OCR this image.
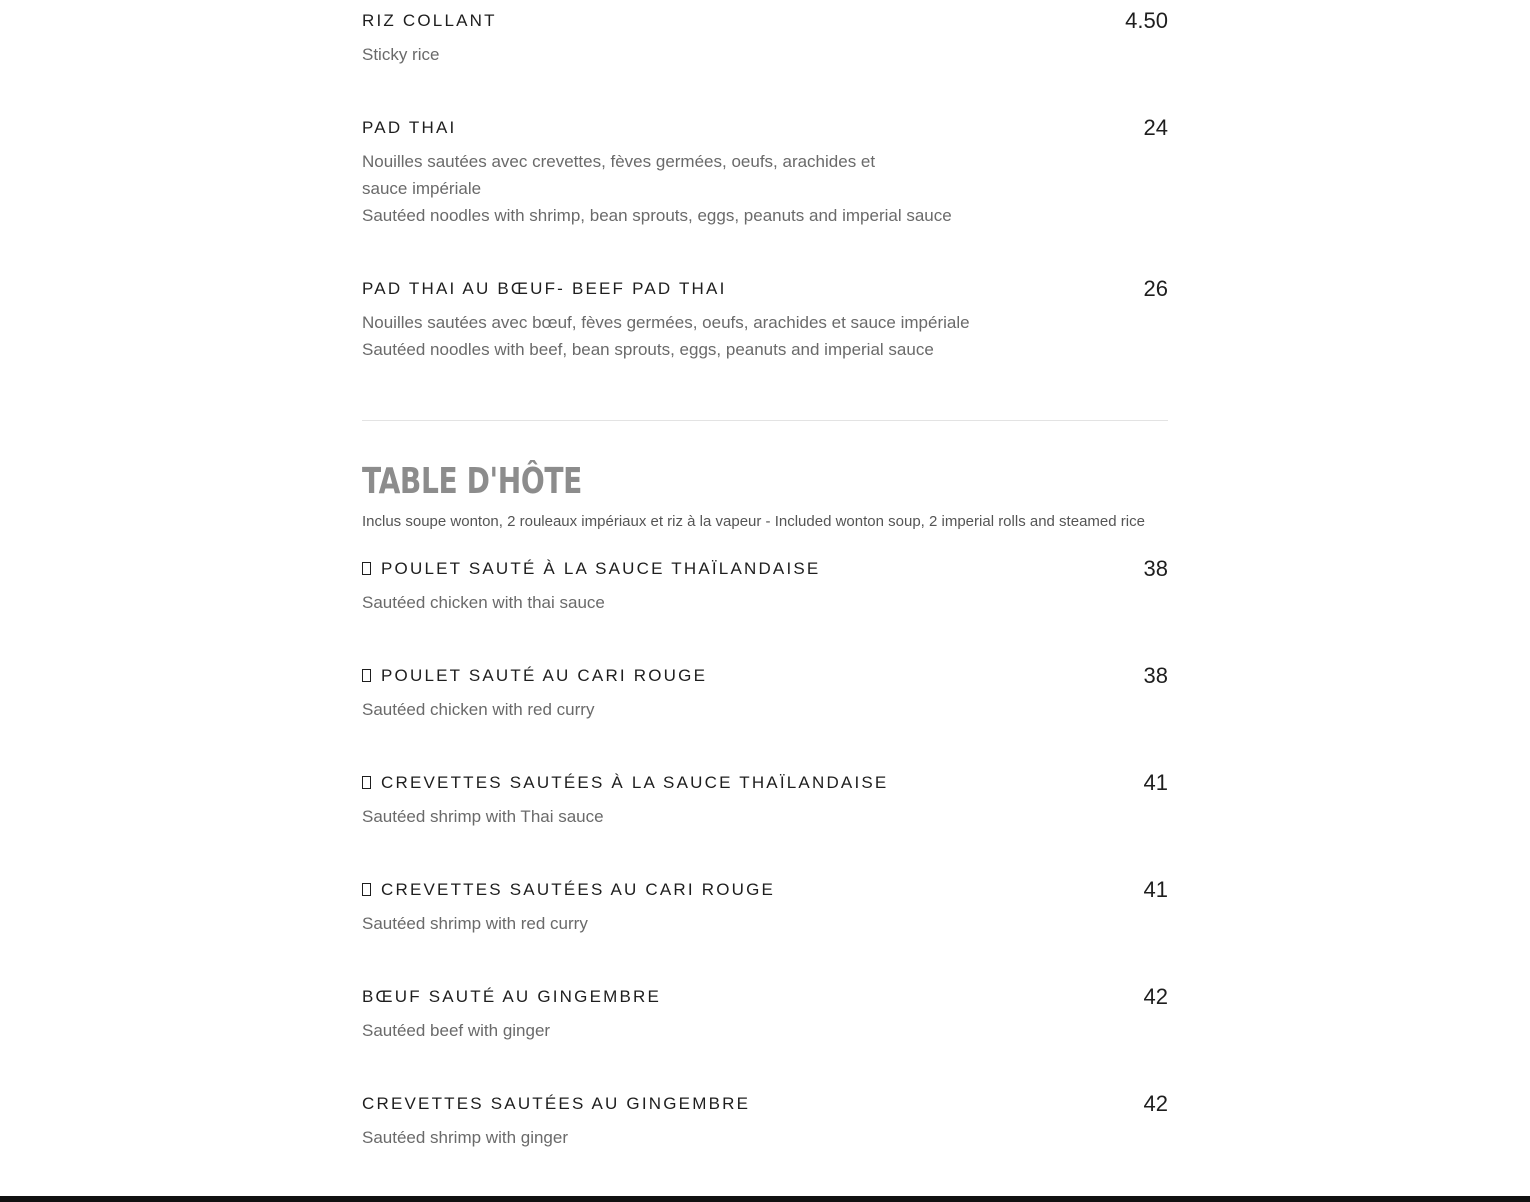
RIZ COLLANT	4.50
Sticky rice
PAD THAI	24
Nouilles sautées avec crevettes, fèves germées, oeufs, arachides et
sauce impériale
Sautéed noodles with shrimp, bean sprouts, eggs, peanuts and imperial sauce
PAD THAI AU BŒUF- BEEF PAD THAI	26
Nouilles sautées avec bœuf, fèves germées, oeufs, arachides et sauce impériale
Sautéed noodles with beef, bean sprouts, eggs, peanuts and imperial sauce
TABLE D'HÔTE
Inclus soupe wonton, 2 rouleaux impériaux et riz à la vapeur - Included wonton soup, 2 imperial rolls and steamed rice
POULET SAUTÉ À LA SAUCE THAÏLANDAISE	38
Sautéed chicken with thai sauce
POULET SAUTÉ AU CARI ROUGE	38
Sautéed chicken with red curry
CREVETTES SAUTÉES À LA SAUCE THAÏLANDAISE	41
Sautéed shrimp with Thai sauce
CREVETTES SAUTÉES AU CARI ROUGE	41
Sautéed shrimp with red curry
BŒUF SAUTÉ AU GINGEMBRE	42
Sautéed beef with ginger
CREVETTES SAUTÉES AU GINGEMBRE	42
Sautéed shrimp with ginger
